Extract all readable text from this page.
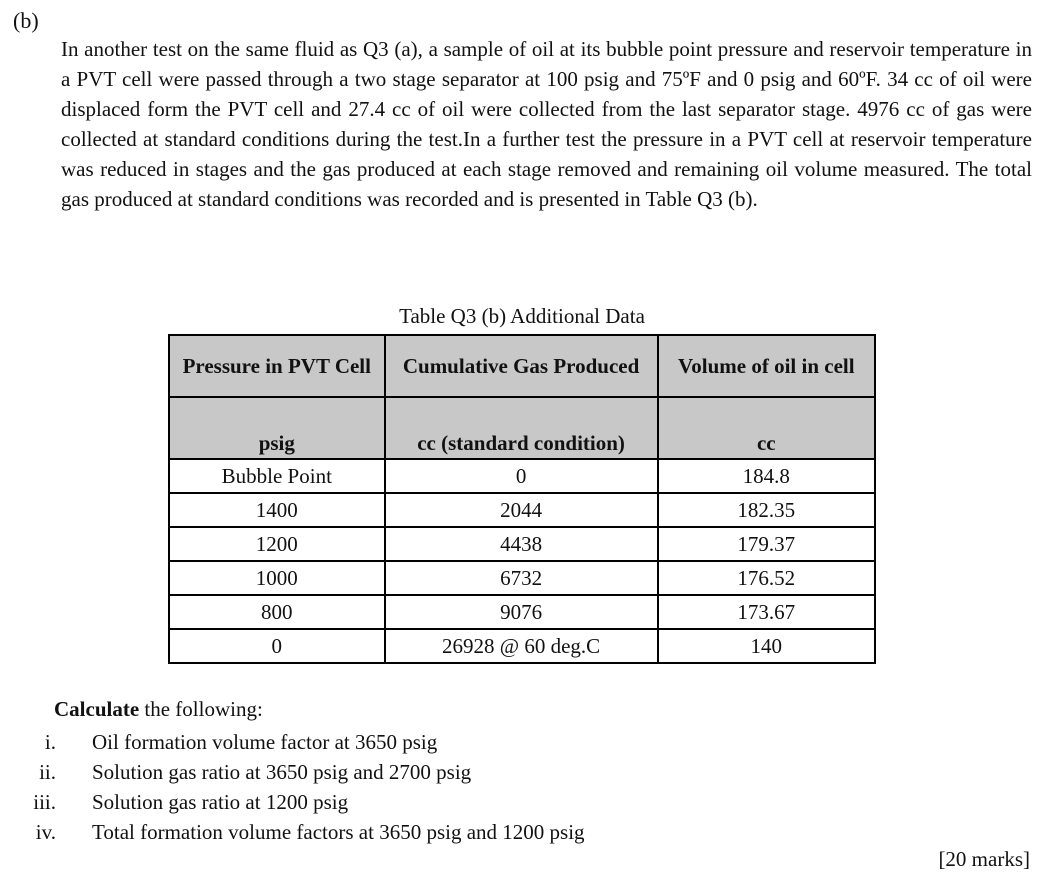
(b)

In another test on the same fluid as Q3 (a), a sample of oil at its bubble point pressure and reservoir temperature in a PVT cell were passed through a two stage separator at 100 psig and 75ºF and 0 psig and 60ºF. 34 cc of oil were displaced form the PVT cell and 27.4 cc of oil were collected from the last separator stage. 4976 cc of gas were collected at standard conditions during the test.In a further test the pressure in a PVT cell at reservoir temperature was reduced in stages and the gas produced at each stage removed and remaining oil volume measured. The total gas produced at standard conditions was recorded and is presented in Table Q3 (b).

Table Q3 (b) Additional Data
Pressure in PVT Cell	Cumulative Gas Produced	Volume of oil in cell
psig	cc (standard condition)	cc
Bubble Point	0	184.8
1400	2044	182.35
1200	4438	179.37
1000	6732	176.52
800	9076	173.67
0	26928 @ 60 deg.C	140
Calculate the following:
i. Oil formation volume factor at 3650 psig
ii. Solution gas ratio at 3650 psig and 2700 psig
iii. Solution gas ratio at 1200 psig
iv. Total formation volume factors at 3650 psig and 1200 psig
[20 marks]
